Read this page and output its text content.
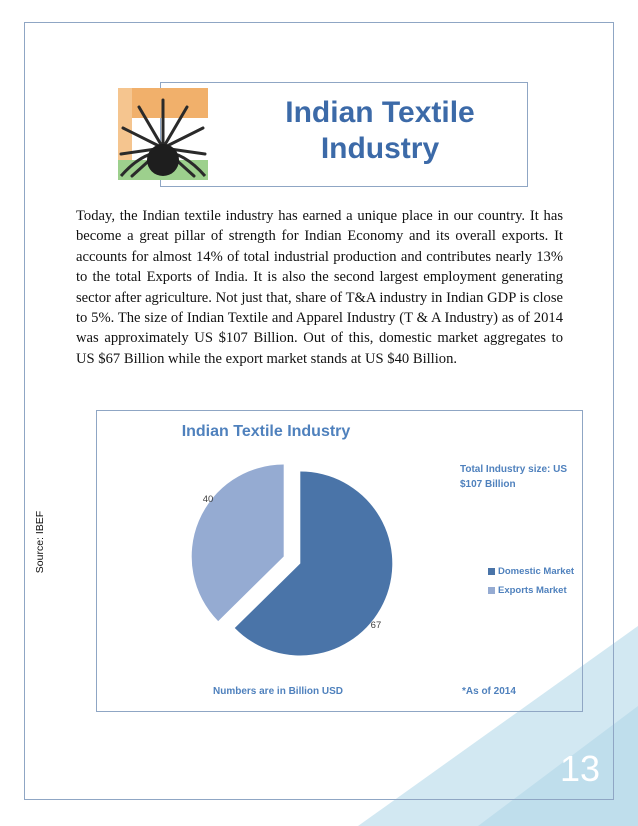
Indian Textile Industry

Today, the Indian textile industry has earned a unique place in our country. It has become a great pillar of strength for Indian Economy and its overall exports. It accounts for almost 14% of total industrial production and contributes nearly 13% to the total Exports of India. It is also the second largest employment generating sector after agriculture. Not just that, share of T&A industry in Indian GDP is close to 5%. The size of Indian Textile and Apparel Industry (T & A Industry) as of 2014 was approximately US $107 Billion. Out of this, domestic market aggregates to US $67 Billion while the export market stands at US $40 Billion.

Source: IBEF
67
40
Indian Textile Industry
Total Industry size: US $107 Billion
Domestic Market
Exports Market
Numbers are in Billion USD	*As of 2014
13
